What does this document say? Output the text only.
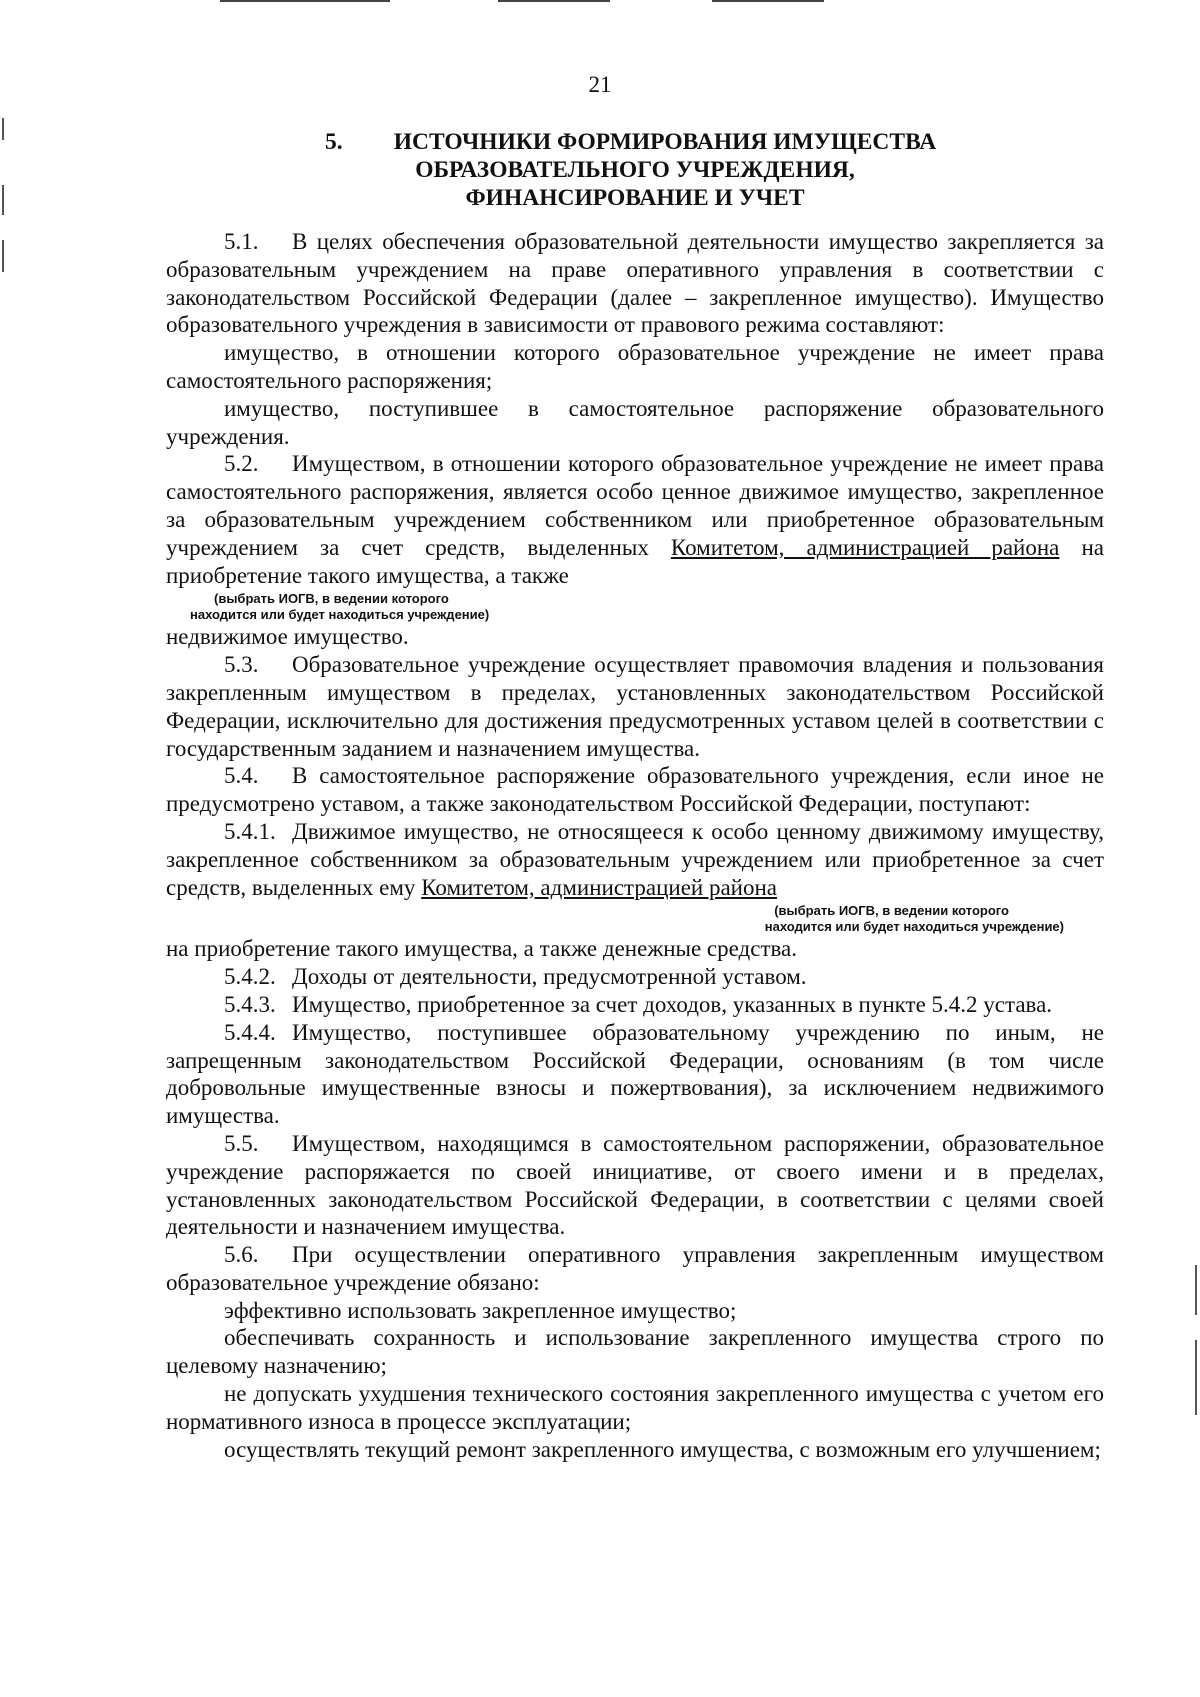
21
5.	ИСТОЧНИКИ ФОРМИРОВАНИЯ ИМУЩЕСТВА
ОБРАЗОВАТЕЛЬНОГО УЧРЕЖДЕНИЯ,
ФИНАНСИРОВАНИЕ И УЧЕТ

5.1. В целях обеспечения образовательной деятельности имущество закрепляется за образовательным учреждением на праве оперативного управления в соответствии с законодательством Российской Федерации (далее – закрепленное имущество). Имущество образовательного учреждения в зависимости от правового режима составляют:

имущество, в отношении которого образовательное учреждение не имеет права самостоятельного распоряжения;

имущество, поступившее в самостоятельное распоряжение образовательного учреждения.

5.2. Имуществом, в отношении которого образовательное учреждение не имеет права самостоятельного распоряжения, является особо ценное движимое имущество, закрепленное за образовательным учреждением собственником или приобретенное образовательным учреждением за счет средств, выделенных Комитетом, администрацией района на приобретение такого имущества, а также

(выбрать ИОГВ, в ведении которого
находится или будет находиться учреждение)

недвижимое имущество.

5.3. Образовательное учреждение осуществляет правомочия владения и пользования закрепленным имуществом в пределах, установленных законодательством Российской Федерации, исключительно для достижения предусмотренных уставом целей в соответствии с государственным заданием и назначением имущества.

5.4. В самостоятельное распоряжение образовательного учреждения, если иное не предусмотрено уставом, а также законодательством Российской Федерации, поступают:

5.4.1. Движимое имущество, не относящееся к особо ценному движимому имуществу, закрепленное собственником за образовательным учреждением или приобретенное за счет средств, выделенных ему Комитетом, администрацией района

(выбрать ИОГВ, в ведении которого
находится или будет находиться учреждение)

на приобретение такого имущества, а также денежные средства.

5.4.2. Доходы от деятельности, предусмотренной уставом.

5.4.3. Имущество, приобретенное за счет доходов, указанных в пункте 5.4.2 устава.

5.4.4. Имущество, поступившее образовательному учреждению по иным, не запрещенным законодательством Российской Федерации, основаниям (в том числе добровольные имущественные взносы и пожертвования), за исключением недвижимого имущества.

5.5. Имуществом, находящимся в самостоятельном распоряжении, образовательное учреждение распоряжается по своей инициативе, от своего имени и в пределах, установленных законодательством Российской Федерации, в соответствии с целями своей деятельности и назначением имущества.

5.6. При осуществлении оперативного управления закрепленным имуществом образовательное учреждение обязано:

эффективно использовать закрепленное имущество;

обеспечивать сохранность и использование закрепленного имущества строго по целевому назначению;

не допускать ухудшения технического состояния закрепленного имущества с учетом его нормативного износа в процессе эксплуатации;

осуществлять текущий ремонт закрепленного имущества, с возможным его улучшением;
